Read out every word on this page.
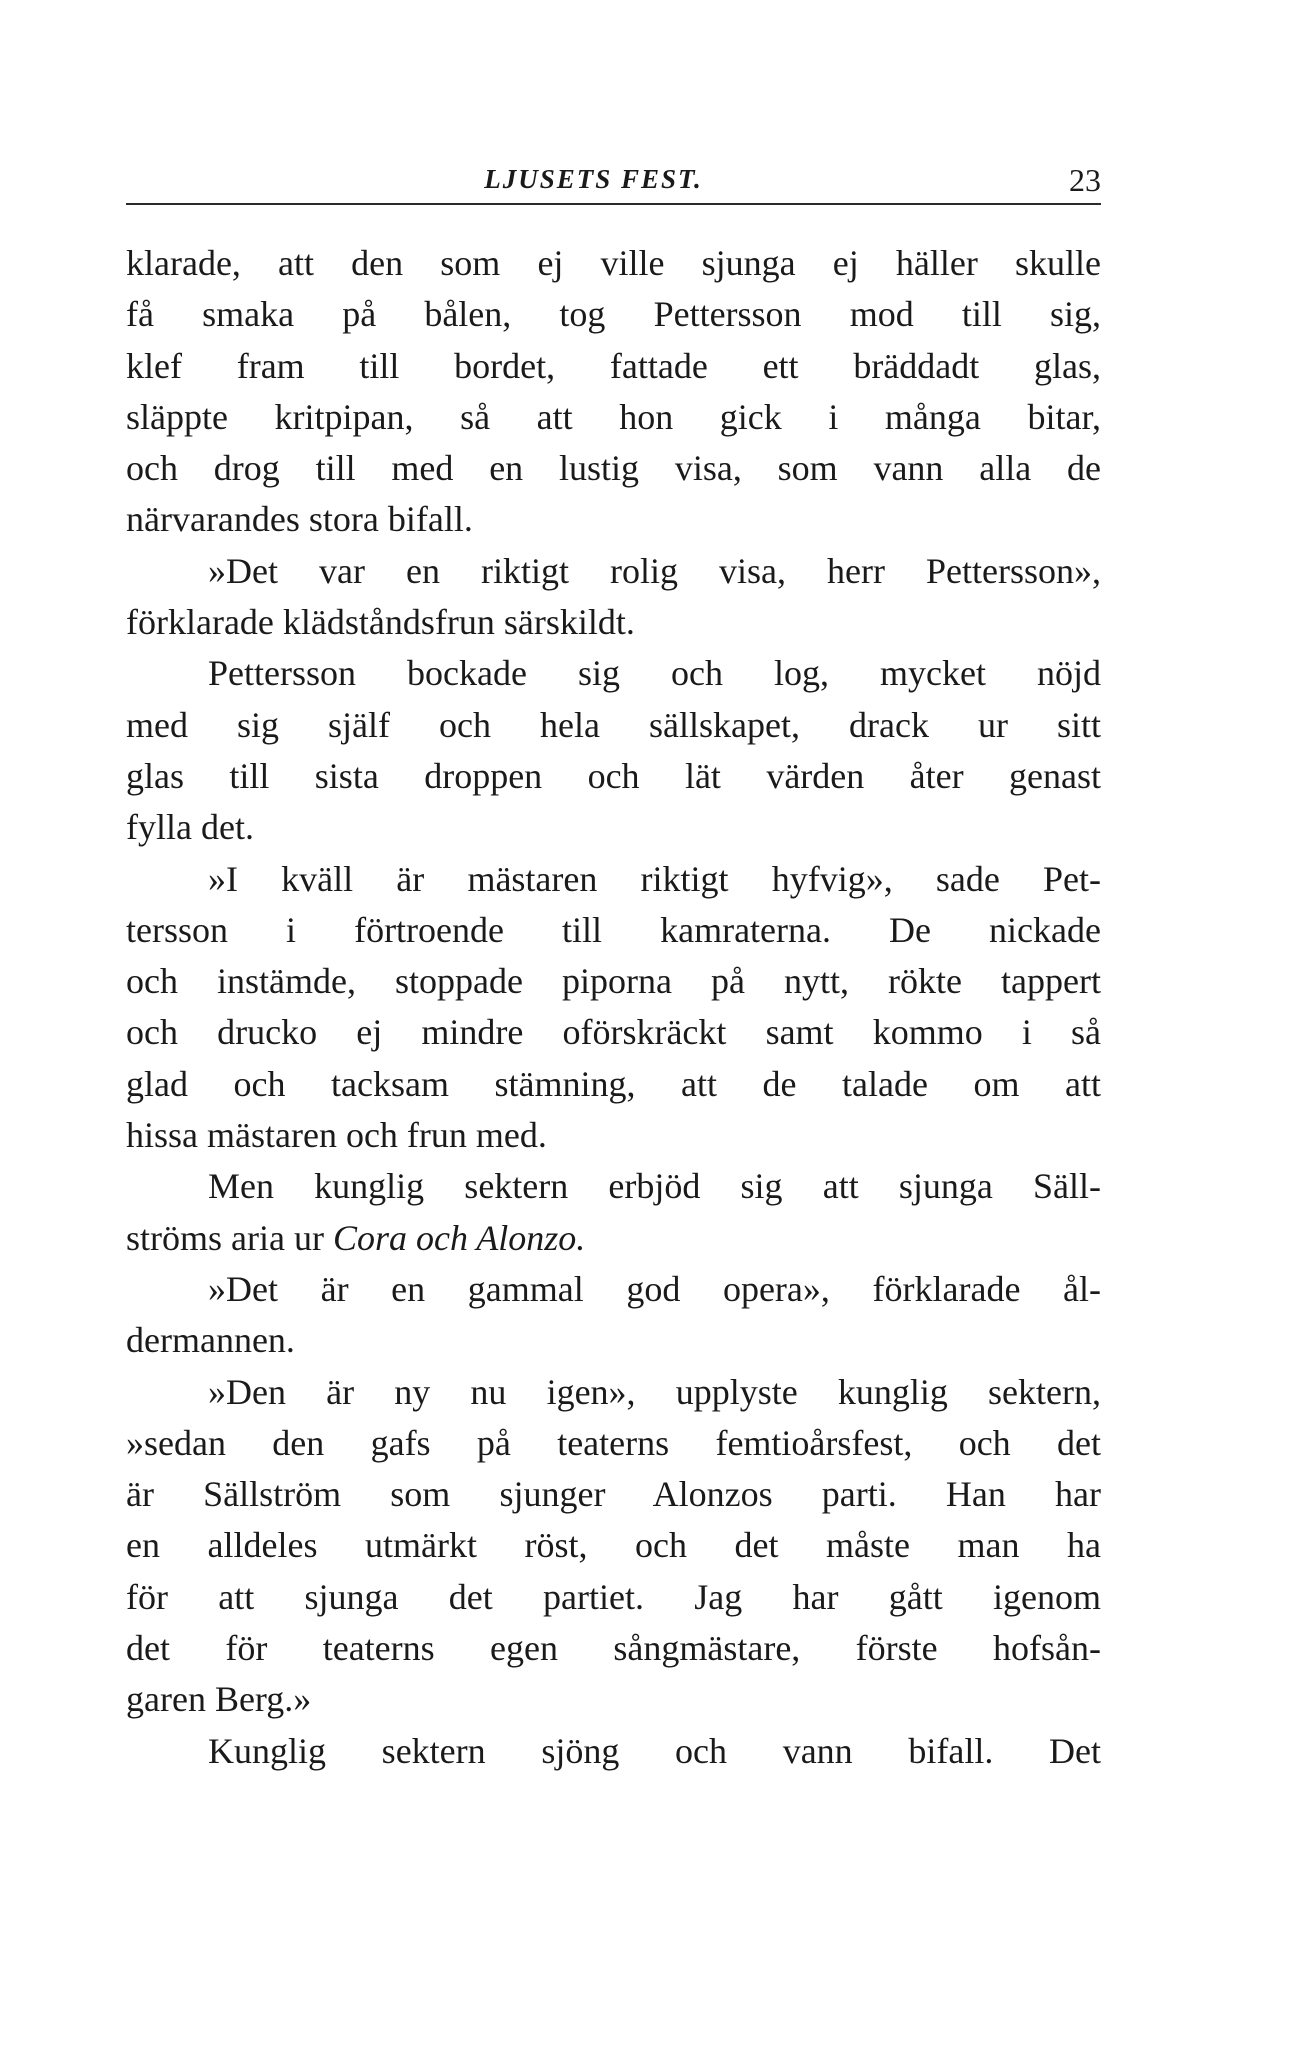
LJUSETS FEST.	23
klarade, att den som ej ville sjunga ej häller skulle
få smaka på bålen, tog Pettersson mod till sig,
klef fram till bordet, fattade ett bräddadt glas,
släppte kritpipan, så att hon gick i många bitar,
och drog till med en lustig visa, som vann alla de
närvarandes stora bifall.
»Det var en riktigt rolig visa, herr Pettersson»,
förklarade klädståndsfrun särskildt.
Pettersson bockade sig och log, mycket nöjd
med sig själf och hela sällskapet, drack ur sitt
glas till sista droppen och lät värden åter genast
fylla det.
»I kväll är mästaren riktigt hyfvig», sade Pet-
tersson i förtroende till kamraterna. De nickade
och instämde, stoppade piporna på nytt, rökte tappert
och drucko ej mindre oförskräckt samt kommo i så
glad och tacksam stämning, att de talade om att
hissa mästaren och frun med.
Men kunglig sektern erbjöd sig att sjunga Säll-
ströms aria ur Cora och Alonzo.
»Det är en gammal god opera», förklarade ål-
dermannen.
»Den är ny nu igen», upplyste kunglig sektern,
»sedan den gafs på teaterns femtioårsfest, och det
är Sällström som sjunger Alonzos parti. Han har
en alldeles utmärkt röst, och det måste man ha
för att sjunga det partiet. Jag har gått igenom
det för teaterns egen sångmästare, förste hofsån-
garen Berg.»
Kunglig sektern sjöng och vann bifall. Det
